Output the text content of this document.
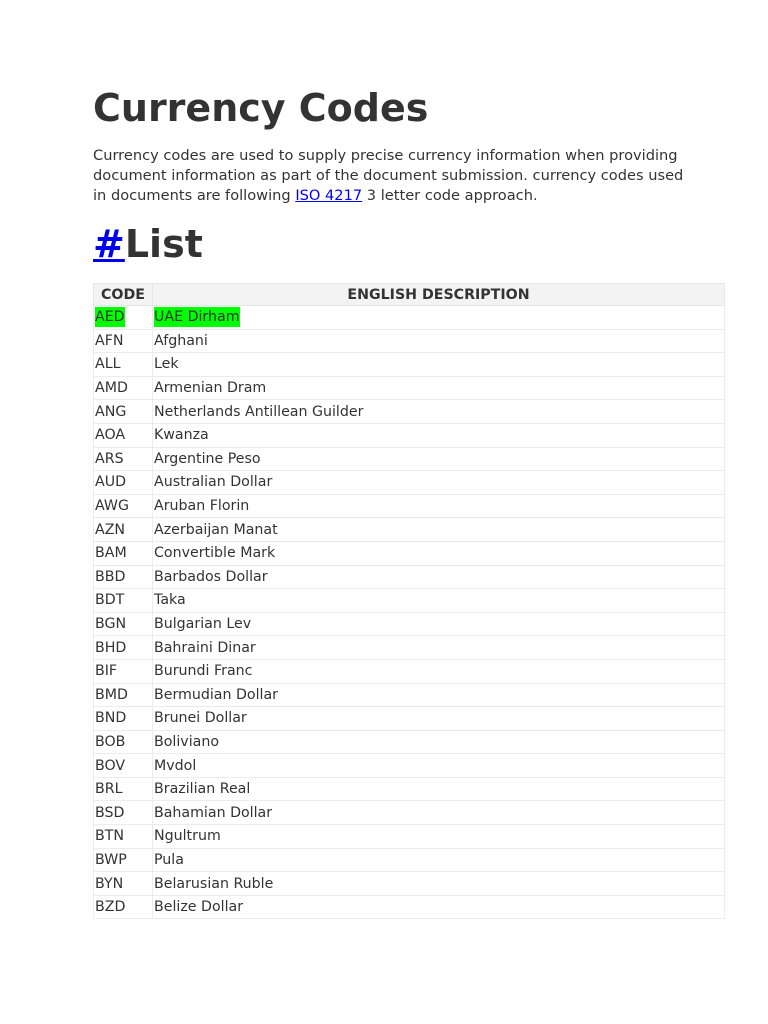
Currency Codes

Currency codes are used to supply precise currency information when providing document information as part of the document submission. currency codes used in documents are following ISO 4217 3 letter code approach.

#List
CODE	ENGLISH DESCRIPTION
AED	UAE Dirham
AFN	Afghani
ALL	Lek
AMD	Armenian Dram
ANG	Netherlands Antillean Guilder
AOA	Kwanza
ARS	Argentine Peso
AUD	Australian Dollar
AWG	Aruban Florin
AZN	Azerbaijan Manat
BAM	Convertible Mark
BBD	Barbados Dollar
BDT	Taka
BGN	Bulgarian Lev
BHD	Bahraini Dinar
BIF	Burundi Franc
BMD	Bermudian Dollar
BND	Brunei Dollar
BOB	Boliviano
BOV	Mvdol
BRL	Brazilian Real
BSD	Bahamian Dollar
BTN	Ngultrum
BWP	Pula
BYN	Belarusian Ruble
BZD	Belize Dollar
